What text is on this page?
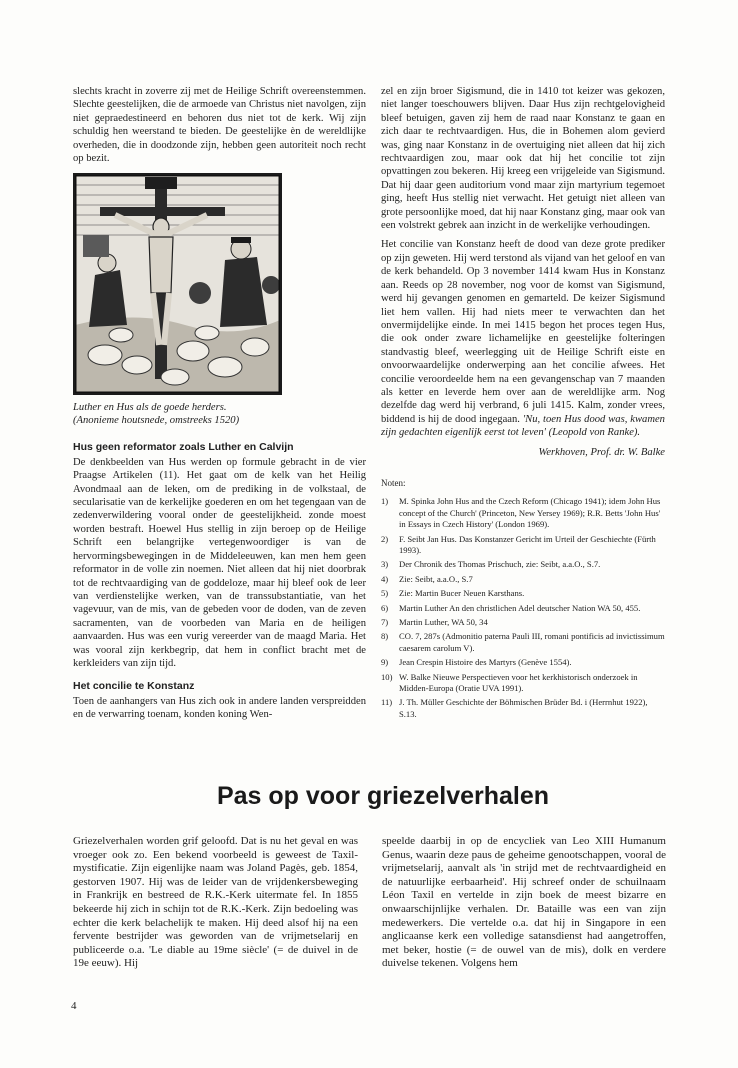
slechts kracht in zoverre zij met de Heilige Schrift overeenstemmen. Slechte geestelijken, die de armoede van Christus niet navolgen, zijn niet gepraedestineerd en behoren dus niet tot de kerk. Wij zijn schuldig hen weerstand te bieden. De geestelijke èn de wereldlijke overheden, die in doodzonde zijn, hebben geen autoriteit noch recht op bezit.

Luther en Hus als de goede herders.
(Anonieme houtsnede, omstreeks 1520)
Hus geen reformator zoals Luther en Calvijn

De denkbeelden van Hus werden op formule gebracht in de vier Praagse Artikelen (11). Het gaat om de kelk van het Heilig Avondmaal aan de leken, om de prediking in de volkstaal, de secularisatie van de kerkelijke goederen en om het tegengaan van de zedenverwildering vooral onder de geestelijkheid. zonde moest worden bestraft. Hoewel Hus stellig in zijn beroep op de Heilige Schrift een belangrijke vertegenwoordiger is van de hervormingsbewegingen in de Middeleeuwen, kan men hem geen reformator in de volle zin noemen. Niet alleen dat hij niet doorbrak tot de rechtvaardiging van de goddeloze, maar hij bleef ook de leer van verdienstelijke werken, van de transsubstantiatie, van het vagevuur, van de mis, van de gebeden voor de doden, van de zeven sacramenten, van de voorbeden van Maria en de heiligen aanvaarden. Hus was een vurig vereerder van de maagd Maria. Het was vooral zijn kerkbegrip, dat hem in conflict bracht met de kerkleiders van zijn tijd.

Het concilie te Konstanz

Toen de aanhangers van Hus zich ook in andere landen verspreidden en de verwarring toenam, konden koning Wen-

zel en zijn broer Sigismund, die in 1410 tot keizer was gekozen, niet langer toeschouwers blijven. Daar Hus zijn rechtgelovigheid bleef betuigen, gaven zij hem de raad naar Konstanz te gaan en zich daar te rechtvaardigen. Hus, die in Bohemen alom gevierd was, ging naar Konstanz in de overtuiging niet alleen dat hij zich rechtvaardigen zou, maar ook dat hij het concilie tot zijn opvattingen zou bekeren. Hij kreeg een vrijgeleide van Sigismund. Dat hij daar geen auditorium vond maar zijn martyrium tegemoet ging, heeft Hus stellig niet verwacht. Het getuigt niet alleen van grote persoonlijke moed, dat hij naar Konstanz ging, maar ook van een volstrekt gebrek aan inzicht in de werkelijke verhoudingen.

Het concilie van Konstanz heeft de dood van deze grote prediker op zijn geweten. Hij werd terstond als vijand van het geloof en van de kerk behandeld. Op 3 november 1414 kwam Hus in Konstanz aan. Reeds op 28 november, nog voor de komst van Sigismund, werd hij gevangen genomen en gemarteld. De keizer Sigismund liet hem vallen. Hij had niets meer te verwachten dan het onvermijdelijke einde. In mei 1415 begon het proces tegen Hus, die ook onder zware lichamelijke en geestelijke folteringen standvastig bleef, weerlegging uit de Heilige Schrift eiste en onvoorwaardelijke onderwerping aan het concilie afwees. Het concilie veroordeelde hem na een gevangenschap van 7 maanden als ketter en leverde hem over aan de wereldlijke arm. Nog dezelfde dag werd hij verbrand, 6 juli 1415. Kalm, zonder vrees, biddend is hij de dood ingegaan. 'Nu, toen Hus dood was, kwamen zijn gedachten eigenlijk eerst tot leven' (Leopold von Ranke).

Werkhoven, Prof. dr. W. Balke
Noten:
1) M. Spinka John Hus and the Czech Reform (Chicago 1941); idem John Hus concept of the Church' (Princeton, New Yersey 1969); R.R. Betts 'John Hus' in Essays in Czech History' (London 1969).
2) F. Seibt Jan Hus. Das Konstanzer Gericht im Urteil der Geschiechte (Fürth 1993).
3) Der Chronik des Thomas Prischuch, zie: Seibt, a.a.O., S.7.
4) Zie: Seibt, a.a.O., S.7
5) Zie: Martin Bucer Neuen Karsthans.
6) Martin Luther An den christlichen Adel deutscher Nation WA 50, 455.
7) Martin Luther, WA 50, 34
8) CO. 7, 287s (Admonitio paterna Pauli III, romani pontificis ad invictissimum caesarem carolum V).
9) Jean Crespin Histoire des Martyrs (Genève 1554).
10) W. Balke Nieuwe Perspectieven voor het kerkhistorisch onderzoek in Midden-Europa (Oratie UVA 1991).
11) J. Th. Müller Geschichte der Böhmischen Brüder Bd. i (Herrnhut 1922), S.13.
Pas op voor griezelverhalen

Griezelverhalen worden grif geloofd. Dat is nu het geval en was vroeger ook zo. Een bekend voorbeeld is geweest de Taxil-mystificatie. Zijn eigenlijke naam was Joland Pagès, geb. 1854, gestorven 1907. Hij was de leider van de vrijdenkersbeweging in Frankrijk en bestreed de R.K.-Kerk uitermate fel. In 1855 bekeerde hij zich in schijn tot de R.K.-Kerk. Zijn bedoeling was echter die kerk belachelijk te maken. Hij deed alsof hij na een fervente bestrijder was geworden van de vrijmetselarij en publiceerde o.a. 'Le diable au 19me siècle' (= de duivel in de 19e eeuw). Hij

speelde daarbij in op de encycliek van Leo XIII Humanum Genus, waarin deze paus de geheime genootschappen, vooral de vrijmetselarij, aanvalt als 'in strijd met de rechtvaardigheid en de natuurlijke eerbaarheid'. Hij schreef onder de schuilnaam Léon Taxil en vertelde in zijn boek de meest bizarre en onwaarschijnlijke verhalen. Dr. Bataille was een van zijn medewerkers. Die vertelde o.a. dat hij in Singapore in een anglicaanse kerk een volledige satansdienst had aangetroffen, met beker, hostie (= de ouwel van de mis), dolk en verdere duivelse tekenen. Volgens hem

4
